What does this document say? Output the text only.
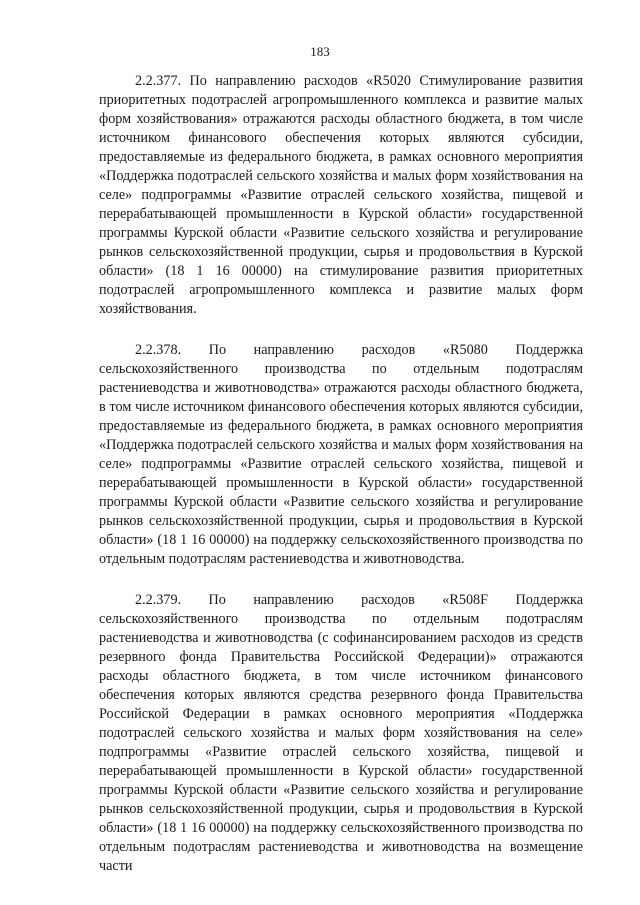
183

2.2.377. По направлению расходов «R5020 Стимулирование развития приоритетных подотраслей агропромышленного комплекса и развитие малых форм хозяйствования» отражаются расходы областного бюджета, в том числе источником финансового обеспечения которых являются субсидии, предоставляемые из федерального бюджета, в рамках основного мероприятия «Поддержка подотраслей сельского хозяйства и малых форм хозяйствования на селе» подпрограммы «Развитие отраслей сельского хозяйства, пищевой и перерабатывающей промышленности в Курской области» государственной программы Курской области «Развитие сельского хозяйства и регулирование рынков сельскохозяйственной продукции, сырья и продовольствия в Курской области» (18 1 16 00000) на стимулирование развития приоритетных подотраслей агропромышленного комплекса и развитие малых форм хозяйствования.

2.2.378. По направлению расходов «R5080 Поддержка сельскохозяйственного производства по отдельным подотраслям растениеводства и животноводства» отражаются расходы областного бюджета, в том числе источником финансового обеспечения которых являются субсидии, предоставляемые из федерального бюджета, в рамках основного мероприятия «Поддержка подотраслей сельского хозяйства и малых форм хозяйствования на селе» подпрограммы «Развитие отраслей сельского хозяйства, пищевой и перерабатывающей промышленности в Курской области» государственной программы Курской области «Развитие сельского хозяйства и регулирование рынков сельскохозяйственной продукции, сырья и продовольствия в Курской области» (18 1 16 00000) на поддержку сельскохозяйственного производства по отдельным подотраслям растениеводства и животноводства.

2.2.379. По направлению расходов «R508F Поддержка сельскохозяйственного производства по отдельным подотраслям растениеводства и животноводства (с софинансированием расходов из средств резервного фонда Правительства Российской Федерации)» отражаются расходы областного бюджета, в том числе источником финансового обеспечения которых являются средства резервного фонда Правительства Российской Федерации в рамках основного мероприятия «Поддержка подотраслей сельского хозяйства и малых форм хозяйствования на селе» подпрограммы «Развитие отраслей сельского хозяйства, пищевой и перерабатывающей промышленности в Курской области» государственной программы Курской области «Развитие сельского хозяйства и регулирование рынков сельскохозяйственной продукции, сырья и продовольствия в Курской области» (18 1 16 00000) на поддержку сельскохозяйственного производства по отдельным подотраслям растениеводства и животноводства на возмещение части
